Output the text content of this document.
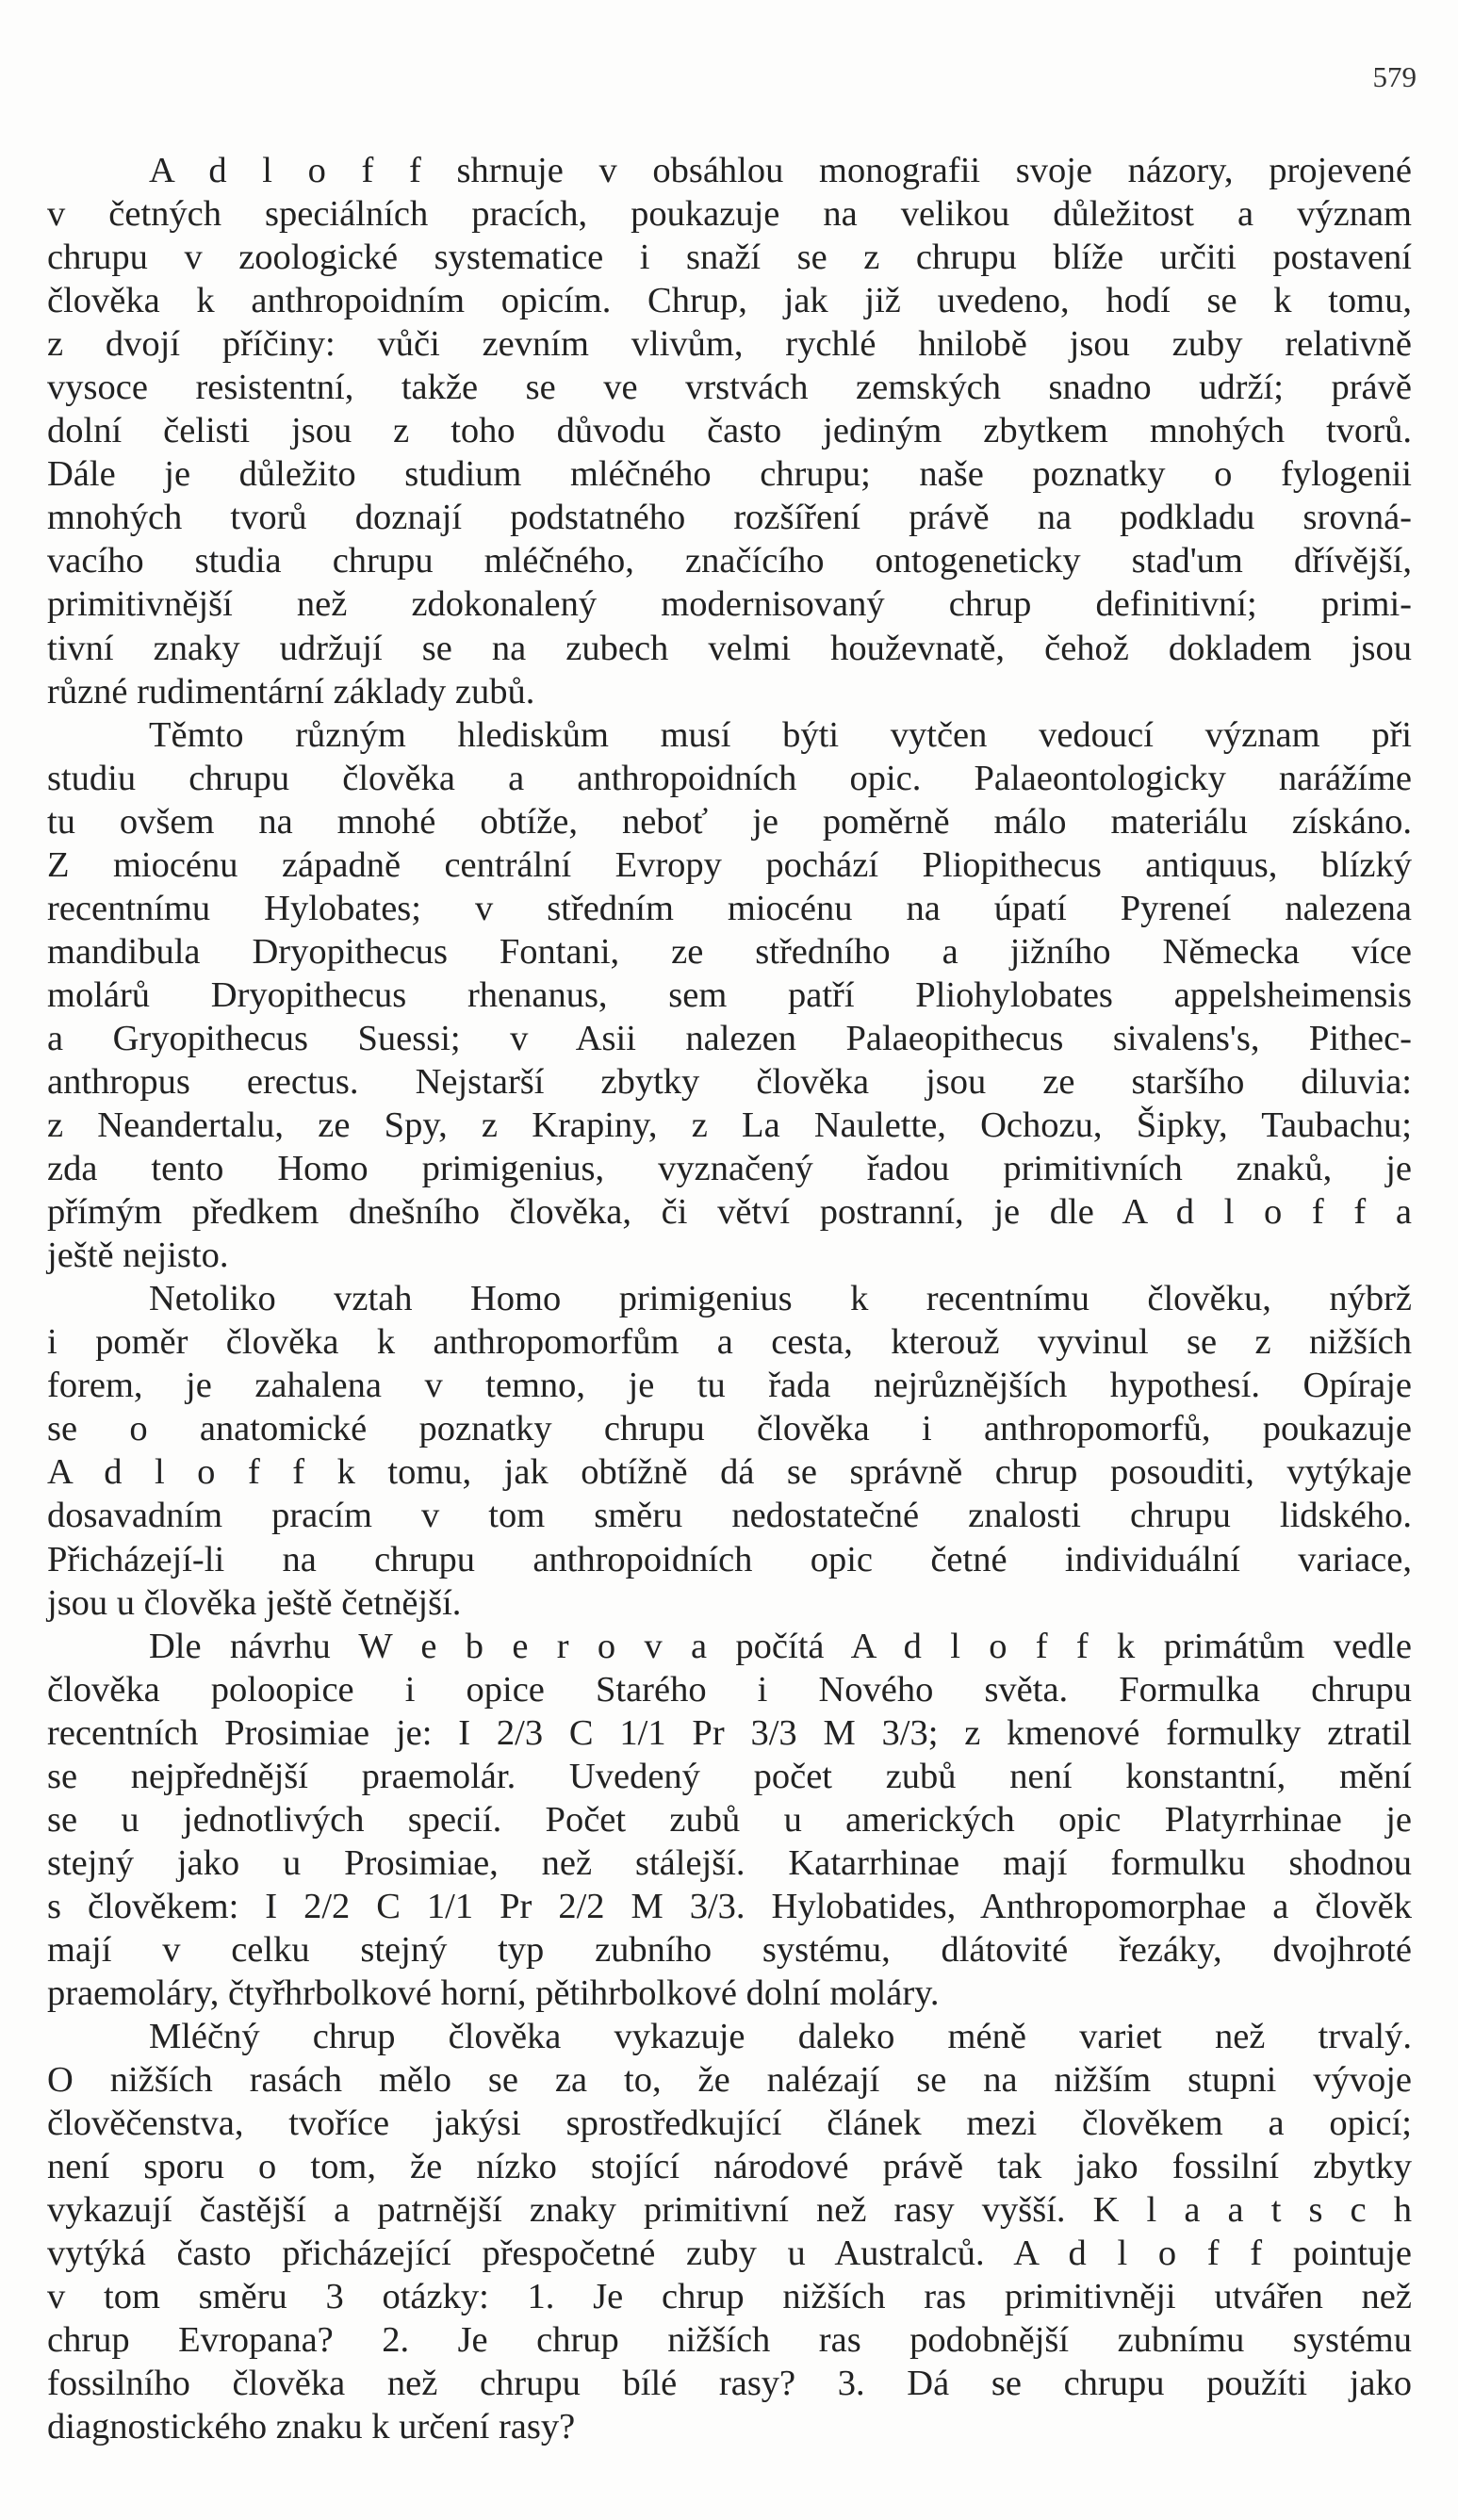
579
A d l o f f shrnuje v obsáhlou monografii svoje názory, projevené
v četných speciálních pracích, poukazuje na velikou důležitost a význam
chrupu v zoologické systematice i snaží se z chrupu blíže určiti postavení
člověka k anthropoidním opicím. Chrup, jak již uvedeno, hodí se k tomu,
z dvojí příčiny: vůči zevním vlivům, rychlé hnilobě jsou zuby relativně
vysoce resistentní, takže se ve vrstvách zemských snadno udrží; právě
dolní čelisti jsou z toho důvodu často jediným zbytkem mnohých tvorů.
Dále je důležito studium mléčného chrupu; naše poznatky o fylogenii
mnohých tvorů doznají podstatného rozšíření právě na podkladu srovná-
vacího studia chrupu mléčného, značícího ontogeneticky stad'um dřívější,
primitivnější než zdokonalený modernisovaný chrup definitivní; primi-
tivní znaky udržují se na zubech velmi houževnatě, čehož dokladem jsou
různé rudimentární základy zubů.
Těmto různým hlediskům musí býti vytčen vedoucí význam při
studiu chrupu člověka a anthropoidních opic. Palaeontologicky narážíme
tu ovšem na mnohé obtíže, neboť je poměrně málo materiálu získáno.
Z miocénu západně centrální Evropy pochází Pliopithecus antiquus, blízký
recentnímu Hylobates; v středním miocénu na úpatí Pyreneí nalezena
mandibula Dryopithecus Fontani, ze středního a jižního Německa více
molárů Dryopithecus rhenanus, sem patří Pliohylobates appelsheimensis
a Gryopithecus Suessi; v Asii nalezen Palaeopithecus sivalens's, Pithec-
anthropus erectus. Nejstarší zbytky člověka jsou ze staršího diluvia:
z Neandertalu, ze Spy, z Krapiny, z La Naulette, Ochozu, Šipky, Taubachu;
zda tento Homo primigenius, vyznačený řadou primitivních znaků, je
přímým předkem dnešního člověka, či větví postranní, je dle A d l o f f a
ještě nejisto.
Netoliko vztah Homo primigenius k recentnímu člověku, nýbrž
i poměr člověka k anthropomorfům a cesta, kterouž vyvinul se z nižších
forem, je zahalena v temno, je tu řada nejrůznějších hypothesí. Opíraje
se o anatomické poznatky chrupu člověka i anthropomorfů, poukazuje
A d l o f f k tomu, jak obtížně dá se správně chrup posouditi, vytýkaje
dosavadním pracím v tom směru nedostatečné znalosti chrupu lidského.
Přicházejí-li na chrupu anthropoidních opic četné individuální variace,
jsou u člověka ještě četnější.
Dle návrhu W e b e r o v a počítá A d l o f f k primátům vedle
člověka poloopice i opice Starého i Nového světa. Formulka chrupu
recentních Prosimiae je: I 2/3 C 1/1 Pr 3/3 M 3/3; z kmenové formulky ztratil
se nejpřednější praemolár. Uvedený počet zubů není konstantní, mění
se u jednotlivých specií. Počet zubů u amerických opic Platyrrhinae je
stejný jako u Prosimiae, než stálejší. Katarrhinae mají formulku shodnou
s člověkem: I 2/2 C 1/1 Pr 2/2 M 3/3. Hylobatides, Anthropomorphae a člověk
mají v celku stejný typ zubního systému, dlátovité řezáky, dvojhroté
praemoláry, čtyřhrbolkové horní, pětihrbolkové dolní moláry.
Mléčný chrup člověka vykazuje daleko méně variet než trvalý.
O nižších rasách mělo se za to, že nalézají se na nižším stupni vývoje
člověčenstva, tvoříce jakýsi sprostředkující článek mezi člověkem a opicí;
není sporu o tom, že nízko stojící národové právě tak jako fossilní zbytky
vykazují častější a patrnější znaky primitivní než rasy vyšší. K l a a t s c h
vytýká často přicházející přespočetné zuby u Australců. A d l o f f pointuje
v tom směru 3 otázky: 1. Je chrup nižších ras primitivněji utvářen než
chrup Evropana? 2. Je chrup nižších ras podobnější zubnímu systému
fossilního člověka než chrupu bílé rasy? 3. Dá se chrupu použíti jako
diagnostického znaku k určení rasy?
